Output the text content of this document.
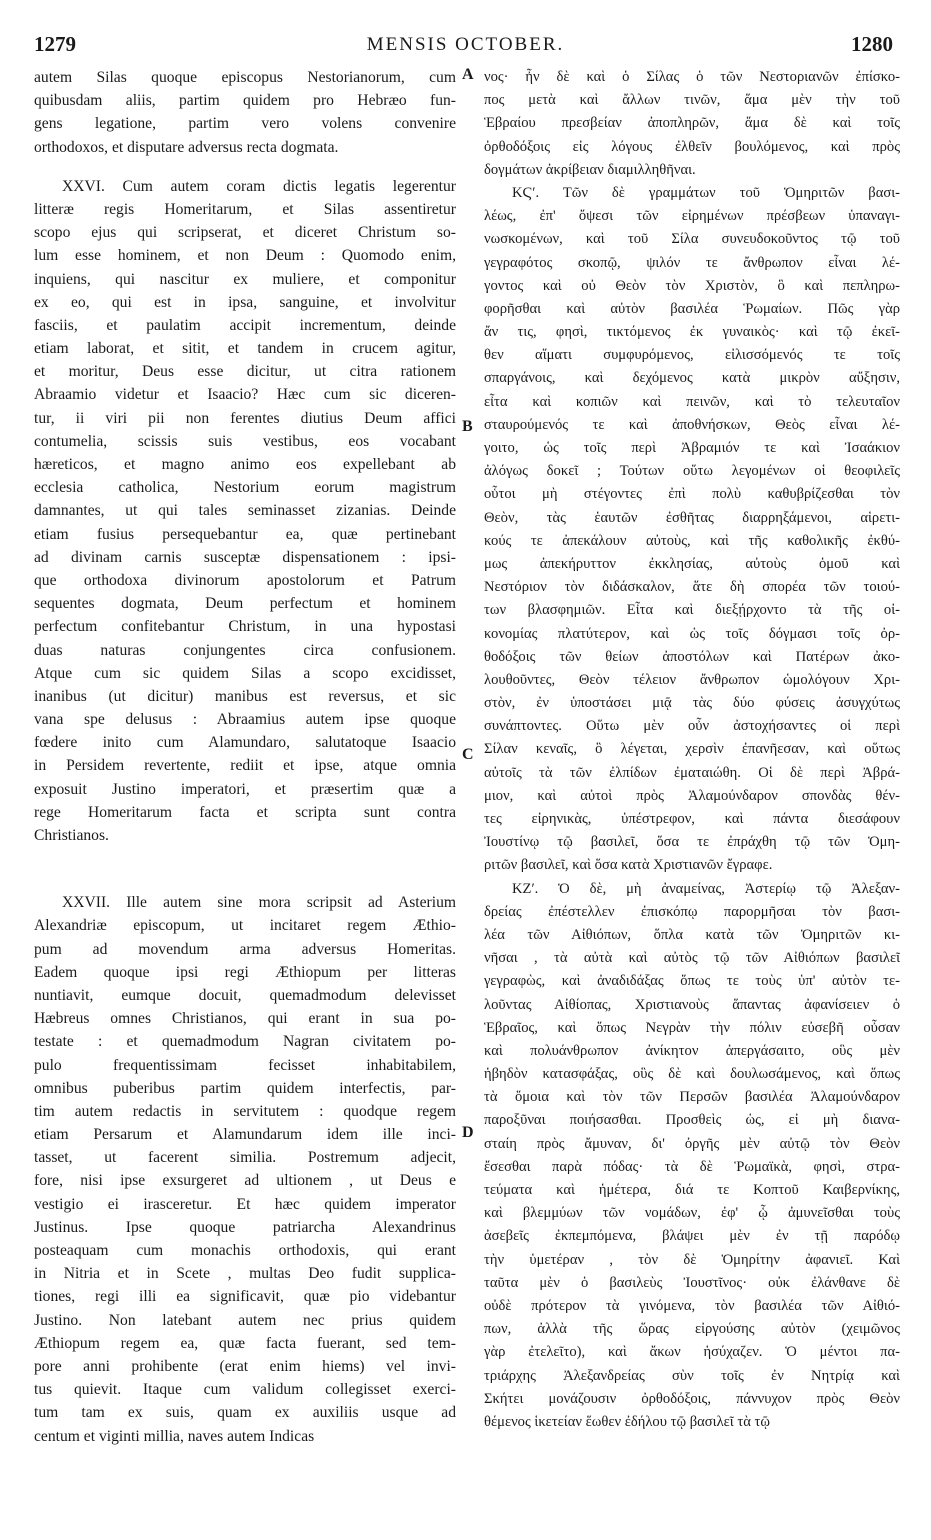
1279	MENSIS OCTOBER.	1280
autem Silas quoque episcopus Nestorianorum, cum
quibusdam aliis, partim quidem pro Hebræo fun-
gens legatione, partim vero volens convenire
orthodoxos, et disputare adversus recta dogmata.
XXVI. Cum autem coram dictis legatis legerentur
litteræ regis Homeritarum, et Silas assentiretur
scopo ejus qui scripserat, et diceret Christum so-
lum esse hominem, et non Deum : Quomodo enim,
inquiens, qui nascitur ex muliere, et componitur
ex eo, qui est in ipsa, sanguine, et involvitur
fasciis, et paulatim accipit incrementum, deinde
etiam laborat, et sitit, et tandem in crucem agitur,
et moritur, Deus esse dicitur, ut citra rationem
Abraamio videtur et Isaacio? Hæc cum sic diceren-
tur, ii viri pii non ferentes diutius Deum affici
contumelia, scissis suis vestibus, eos vocabant
hæreticos, et magno animo eos expellebant ab
ecclesia catholica, Nestorium eorum magistrum
damnantes, ut qui tales seminasset zizanias. Deinde
etiam fusius persequebantur ea, quæ pertinebant
ad divinam carnis susceptæ dispensationem : ipsi-
que orthodoxa divinorum apostolorum et Patrum
sequentes dogmata, Deum perfectum et hominem
perfectum confitebantur Christum, in una hypostasi
duas naturas conjungentes circa confusionem.
Atque cum sic quidem Silas a scopo excidisset,
inanibus (ut dicitur) manibus est reversus, et sic
vana spe delusus : Abraamius autem ipse quoque
fœdere inito cum Alamundaro, salutatoque Isaacio
in Persidem revertente, rediit et ipse, atque omnia
exposuit Justino imperatori, et præsertim quæ a
rege Homeritarum facta et scripta sunt contra
Christianos.
XXVII. Ille autem sine mora scripsit ad Asterium
Alexandriæ episcopum, ut incitaret regem Æthio-
pum ad movendum arma adversus Homeritas.
Eadem quoque ipsi regi Æthiopum per litteras
nuntiavit, eumque docuit, quemadmodum delevisset
Hæbreus omnes Christianos, qui erant in sua po-
testate : et quemadmodum Nagran civitatem po-
pulo frequentissimam fecisset inhabitabilem,
omnibus puberibus partim quidem interfectis, par-
tim autem redactis in servitutem : quodque regem
etiam Persarum et Alamundarum idem ille inci-
tasset, ut facerent similia. Postremum adjecit,
fore, nisi ipse exsurgeret ad ultionem , ut Deus e
vestigio ei irasceretur. Et hæc quidem imperator
Justinus. Ipse quoque patriarcha Alexandrinus
posteaquam cum monachis orthodoxis, qui erant
in Nitria et in Scete , multas Deo fudit supplica-
tiones, regi illi ea significavit, quæ pio videbantur
Justino. Non latebant autem nec prius quidem
Æthiopum regem ea, quæ facta fuerant, sed tem-
pore anni prohibente (erat enim hiems) vel invi-
tus quievit. Itaque cum validum collegisset exerci-
tum tam ex suis, quam ex auxiliis usque ad
centum et viginti millia, naves autem Indicas
νος· ἦν δὲ καὶ ὁ Σίλας ὁ τῶν Νεστοριανῶν ἐπίσκο-
πος μετὰ καὶ ἄλλων τινῶν, ἅμα μὲν τὴν τοῦ
Ἑβραίου πρεσβείαν ἀποπληρῶν, ἅμα δὲ καὶ τοῖς
ὀρθοδόξοις εἰς λόγους ἐλθεῖν βουλόμενος, καὶ πρὸς
δογμάτων ἀκρίβειαν διαμιλληθῆναι.
ΚϚʹ. Τῶν δὲ γραμμάτων τοῦ Ὁμηριτῶν βασι-
λέως, ἐπ' ὄψεσι τῶν εἰρημένων πρέσβεων ὑπαναγι-
νωσκομένων, καὶ τοῦ Σίλα συνευδοκοῦντος τῷ τοῦ
γεγραφότος σκοπῷ, ψιλόν τε ἄνθρωπον εἶναι λέ-
γοντος καὶ οὐ Θεὸν τὸν Χριστὸν, ὃ καὶ πεπληρω-
φορῆσθαι καὶ αὐτὸν βασιλέα Ῥωμαίων. Πῶς γὰρ
ἄν τις, φησὶ, τικτόμενος ἐκ γυναικὸς· καὶ τῷ ἐκεῖ-
θεν αἵματι συμφυρόμενος, εἰλισσόμενός τε τοῖς
σπαργάνοις, καὶ δεχόμενος κατὰ μικρὸν αὔξησιν,
εἶτα καὶ κοπιῶν καὶ πεινῶν, καὶ τὸ τελευταῖον
σταυρούμενός τε καὶ ἀποθνήσκων, Θεὸς εἶναι λέ-
γοιτο, ὡς τοῖς περὶ Ἀβραμιόν τε καὶ Ἰσαάκιον
ἀλόγως δοκεῖ ; Τούτων οὕτω λεγομένων οἱ θεοφιλεῖς
οὗτοι μὴ στέγοντες ἐπὶ πολὺ καθυβρίζεσθαι τὸν
Θεὸν, τὰς ἑαυτῶν ἐσθῆτας διαρρηξάμενοι, αἱρετι-
κούς τε ἀπεκάλουν αὐτοὺς, καὶ τῆς καθολικῆς ἐκθύ-
μως ἀπεκήρυττον ἐκκλησίας, αὐτοὺς ὁμοῦ καὶ
Νεστόριον τὸν διδάσκαλον, ἅτε δὴ σπορέα τῶν τοιού-
των βλασφημιῶν. Εἶτα καὶ διεξῄρχοντο τὰ τῆς οἰ-
κονομίας πλατύτερον, καὶ ὡς τοῖς δόγμασι τοῖς ὀρ-
θοδόξοις τῶν θείων ἀποστόλων καὶ Πατέρων ἀκο-
λουθοῦντες, Θεὸν τέλειον ἄνθρωπον ὡμολόγουν Χρι-
στὸν, ἐν ὑποστάσει μιᾷ τὰς δύο φύσεις ἀσυγχύτως
συνάπτοντες. Οὕτω μὲν οὖν ἀστοχήσαντες οἱ περὶ
Σίλαν κεναῖς, ὃ λέγεται, χερσὶν ἐπανῆεσαν, καὶ οὕτως
αὐτοῖς τὰ τῶν ἐλπίδων ἐματαιώθη. Οἱ δὲ περὶ Ἀβρά-
μιον, καὶ αὐτοὶ πρὸς Ἀλαμούνδαρον σπονδὰς θέν-
τες εἰρηνικὰς, ὑπέστρεφον, καὶ πάντα διεσάφουν
Ἰουστίνῳ τῷ βασιλεῖ, ὅσα τε ἐπράχθη τῷ τῶν Ὁμη-
ριτῶν βασιλεῖ, καὶ ὅσα κατὰ Χριστιανῶν ἔγραφε.
ΚΖʹ. Ὁ δὲ, μὴ ἀναμείνας, Ἀστερίῳ τῷ Ἀλεξαν-
δρείας ἐπέστελλεν ἐπισκόπῳ παρορμῆσαι τὸν βασι-
λέα τῶν Αἰθιόπων, ὅπλα κατὰ τῶν Ὁμηριτῶν κι-
νῆσαι , τὰ αὐτὰ καὶ αὐτὸς τῷ τῶν Αἰθιόπων βασιλεῖ
γεγραφὼς, καὶ ἀναδιδάξας ὅπως τε τοὺς ὑπ' αὐτὸν τε-
λοῦντας Αἰθίοπας, Χριστιανοὺς ἅπαντας ἀφανίσειεν ὁ
Ἑβραῖος, καὶ ὅπως Νεγρὰν τὴν πόλιν εὐσεβῆ οὖσαν
καὶ πολυάνθρωπον ἀνίκητον ἀπεργάσαιτο, οὓς μὲν
ἡβηδὸν κατασφάξας, οὓς δὲ καὶ δουλωσάμενος, καὶ ὅπως
τὰ ὅμοια καὶ τὸν τῶν Περσῶν βασιλέα Ἀλαμούνδαρον
παροξῦναι ποιήσασθαι. Προσθεὶς ὡς, εἰ μὴ διανα-
σταίη πρὸς ἄμυναν, δι' ὀργῆς μὲν αὐτῷ τὸν Θεὸν
ἔσεσθαι παρὰ πόδας· τὰ δὲ Ῥωμαϊκὰ, φησὶ, στρα-
τεύματα καὶ ἡμέτερα, διά τε Κοπτοῦ Καιβερνίκης,
καὶ βλεμμύων τῶν νομάδων, ἐφ' ᾧ ἀμυνεῖσθαι τοὺς
ἀσεβεῖς ἐκπεμπόμενα, βλάψει μὲν ἐν τῇ παρόδῳ
τὴν ὑμετέραν , τὸν δὲ Ὁμηρίτην ἀφανιεῖ. Καὶ
ταῦτα μὲν ὁ βασιλεὺς Ἰουστῖνος· οὐκ ἐλάνθανε δὲ
οὐδὲ πρότερον τὰ γινόμενα, τὸν βασιλέα τῶν Αἰθιό-
πων, ἀλλὰ τῆς ὥρας εἰργούσης αὐτὸν (χειμῶνος
γὰρ ἐτελεῖτο), καὶ ἄκων ἡσύχαζεν. Ὁ μέντοι πα-
τριάρχης Ἀλεξανδρείας σὺν τοῖς ἐν Νητρίᾳ καὶ
Σκήτει μονάζουσιν ὀρθοδόξοις, πάννυχον πρὸς Θεὸν
θέμενος ἱκετείαν ἕωθεν ἐδήλου τῷ βασιλεῖ τὰ τῷ
A
B
C
D
